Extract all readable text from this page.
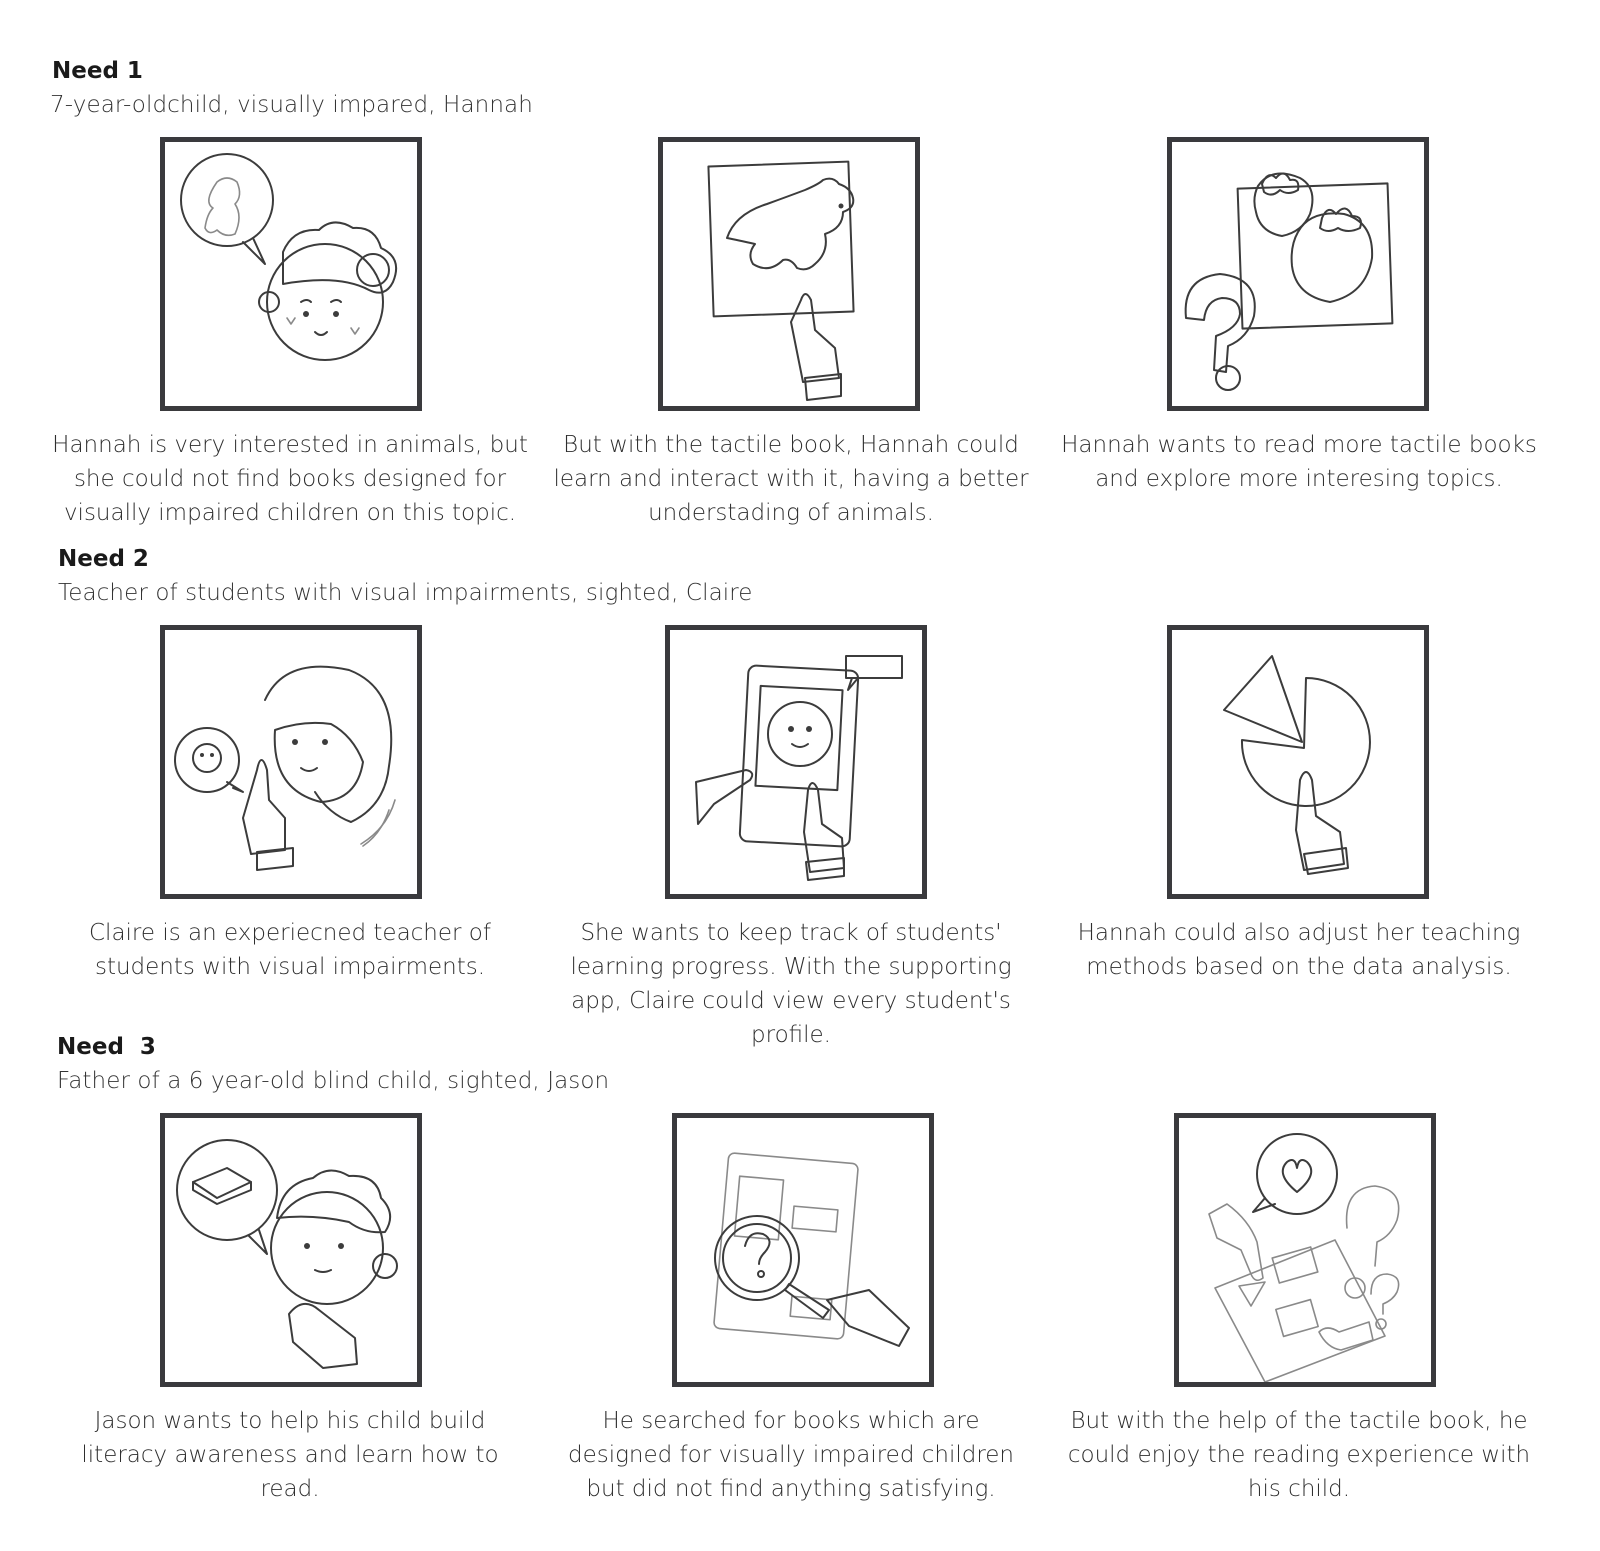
Need 1
7-year-oldchild, visually impared, Hannah

Hannah is very interested in animals, but she could not find books designed for visually impaired children on this topic.

But with the tactile book, Hannah could learn and interact with it, having a better understading of animals.

Hannah wants to read more tactile books and explore more interesing topics.

Need 2
Teacher of students with visual impairments, sighted, Claire

Claire is an experiecned teacher of students with visual impairments.

She wants to keep track of students' learning progress. With the supporting app, Claire could view every student's profile.

Hannah could also adjust her teaching methods based on the data analysis.

Need  3
Father of a 6 year-old blind child, sighted, Jason

Jason wants to help his child build literacy awareness and learn how to read.

He searched for books which are designed for visually impaired children but did not find anything satisfying.

But with the help of the tactile book, he could enjoy the reading experience with his child.
